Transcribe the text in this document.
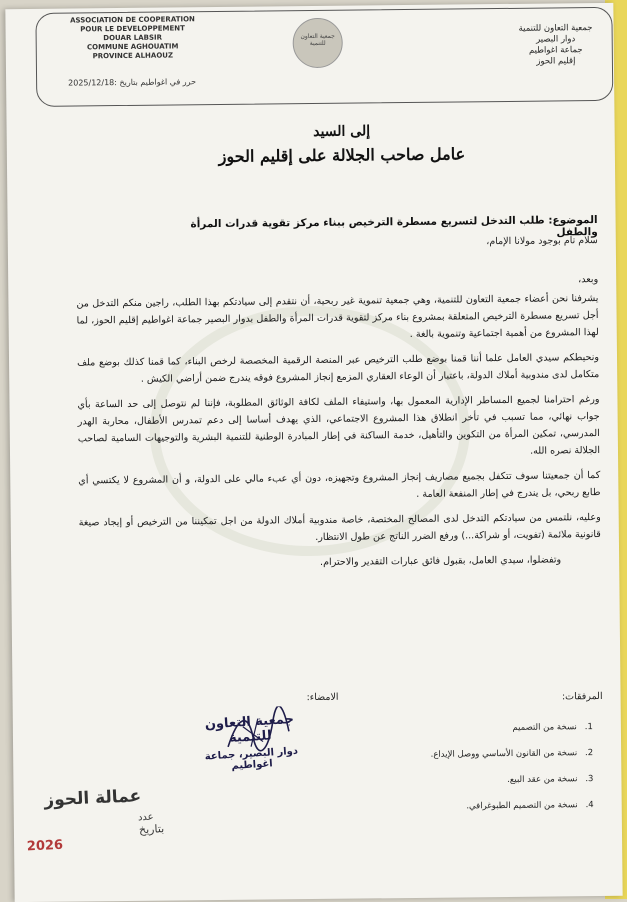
ASSOCIATION DE COOPERATION
POUR LE DEVELOPPEMENT
DOUAR LABSIR
COMMUNE AGHOUATIM
PROVINCE ALHAOUZ
جمعية التعاون للتنمية
جمعية التعاون للتنمية
دوار البصير
جماعة اغواطيم
إقليم الحوز
حرر في اغواطيم بتاريخ :2025/12/18
إلى السيد
عامل صاحب الجلالة على إقليم الحوز
الموضوع: طلب التدخل لتسريع مسطرة الترخيص ببناء مركز تقوية قدرات المرأة والطفل
سلام تام بوجود مولانا الإمام،

وبعد،

يشرفنا نحن أعضاء جمعية التعاون للتنمية، وهي جمعية تنموية غير ربحية، أن نتقدم إلى سيادتكم بهذا الطلب، راجين منكم التدخل من أجل تسريع مسطرة الترخيص المتعلقة بمشروع بناء مركز لتقوية قدرات المرأة والطفل بدوار البصير جماعة اغواطيم إقليم الحوز، لما لهذا المشروع من أهمية اجتماعية وتنموية بالغة .

ونحيطكم سيدي العامل علما أننا قمنا بوضع طلب الترخيص عبر المنصة الرقمية المخصصة لرخص البناء، كما قمنا كذلك بوضع ملف متكامل لدى مندوبية أملاك الدولة، باعتبار أن الوعاء العقاري المزمع إنجاز المشروع فوقه يندرج ضمن أراضي الكيش .

ورغم احترامنا لجميع المساطر الإدارية المعمول بها، واستيفاء الملف لكافة الوثائق المطلوبة، فإننا لم نتوصل إلى حد الساعة بأي جواب نهائي، مما تسبب في تأخر انطلاق هذا المشروع الاجتماعي، الذي يهدف أساسا إلى دعم تمدرس الأطفال، محاربة الهدر المدرسي، تمكين المرأة من التكوين والتأهيل، خدمة الساكنة في إطار المبادرة الوطنية للتنمية البشرية والتوجيهات السامية لصاحب الجلالة نصره الله.

كما أن جمعيتنا سوف تتكفل بجميع مصاريف إنجاز المشروع وتجهيزه، دون أي عبء مالي على الدولة، و أن المشروع لا يكتسي أي طابع ربحي، بل يندرج في إطار المنفعة العامة .

وعليه، نلتمس من سيادتكم التدخل لدى المصالح المختصة، خاصة مندوبية أملاك الدولة من اجل تمكيننا من الترخيص أو إيجاد صيغة قانونية ملائمة (تفويت، أو شراكة...) ورفع الضرر الناتج عن طول الانتظار.

وتفضلوا، سيدي العامل، بقبول فائق عبارات التقدير والاحترام.

الامضاء:
جمعية التعاون للتنمية
دوار البصير، جماعة اغواطيم
المرفقات:
1.نسخة من التصميم
2.نسخة من القانون الأساسي ووصل الإيداع.
3.نسخة من عقد البيع.
4.نسخة من التصميم الطبوغرافي.
عمالة الحوز
عدد
بتاريخ
2026
